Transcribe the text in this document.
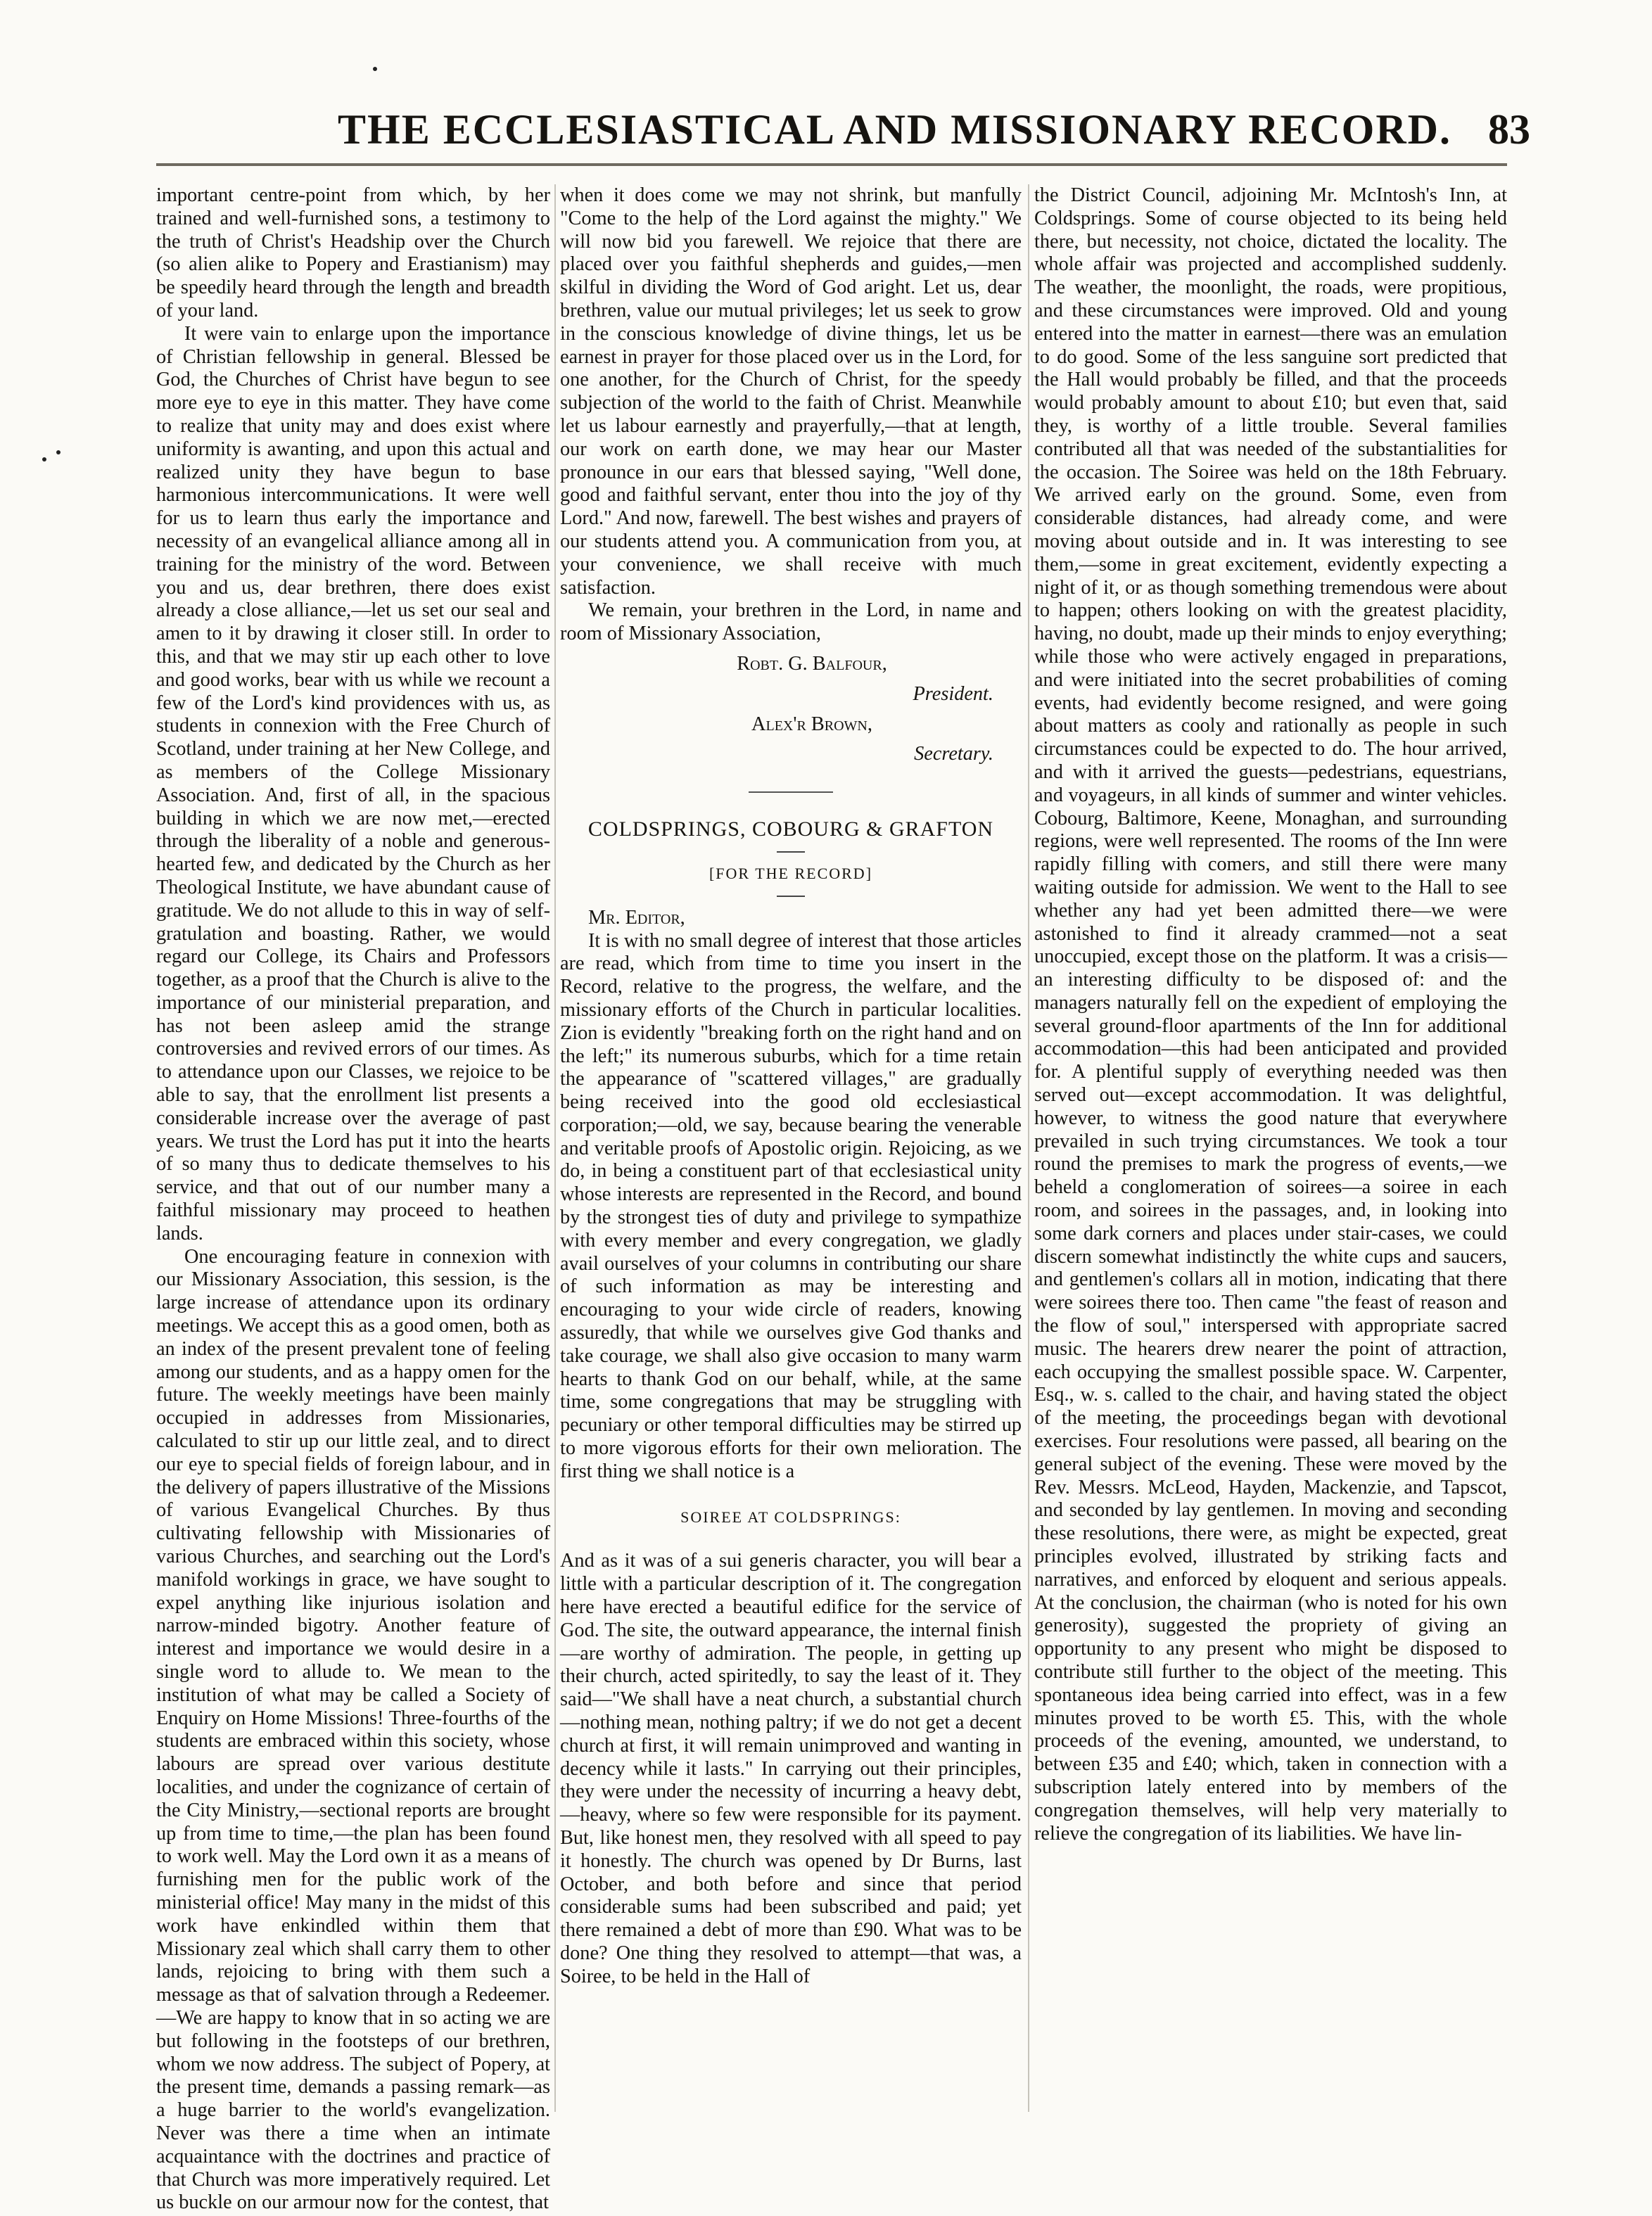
THE ECCLESIASTICAL AND MISSIONARY RECORD. 83

important centre-point from which, by her trained and well-furnished sons, a testimony to the truth of Christ's Headship over the Church (so alien alike to Popery and Erastianism) may be speedily heard through the length and breadth of your land.

It were vain to enlarge upon the importance of Christian fellowship in general. Blessed be God, the Churches of Christ have begun to see more eye to eye in this matter. They have come to realize that unity may and does exist where uniformity is awanting, and upon this actual and realized unity they have begun to base harmonious intercommunications. It were well for us to learn thus early the importance and necessity of an evangelical alliance among all in training for the ministry of the word. Between you and us, dear brethren, there does exist already a close alliance,—let us set our seal and amen to it by drawing it closer still. In order to this, and that we may stir up each other to love and good works, bear with us while we recount a few of the Lord's kind providences with us, as students in connexion with the Free Church of Scotland, under training at her New College, and as members of the College Missionary Association. And, first of all, in the spacious building in which we are now met,—erected through the liberality of a noble and generous-hearted few, and dedicated by the Church as her Theological Institute, we have abundant cause of gratitude. We do not allude to this in way of self-gratulation and boasting. Rather, we would regard our College, its Chairs and Professors together, as a proof that the Church is alive to the importance of our ministerial preparation, and has not been asleep amid the strange controversies and revived errors of our times. As to attendance upon our Classes, we rejoice to be able to say, that the enrollment list presents a considerable increase over the average of past years. We trust the Lord has put it into the hearts of so many thus to dedicate themselves to his service, and that out of our number many a faithful missionary may proceed to heathen lands.

One encouraging feature in connexion with our Missionary Association, this session, is the large increase of attendance upon its ordinary meetings. We accept this as a good omen, both as an index of the present prevalent tone of feeling among our students, and as a happy omen for the future. The weekly meetings have been mainly occupied in addresses from Missionaries, calculated to stir up our little zeal, and to direct our eye to special fields of foreign labour, and in the delivery of papers illustrative of the Missions of various Evangelical Churches. By thus cultivating fellowship with Missionaries of various Churches, and searching out the Lord's manifold workings in grace, we have sought to expel anything like injurious isolation and narrow-minded bigotry. Another feature of interest and importance we would desire in a single word to allude to. We mean to the institution of what may be called a Society of Enquiry on Home Missions! Three-fourths of the students are embraced within this society, whose labours are spread over various destitute localities, and under the cognizance of certain of the City Ministry,—sectional reports are brought up from time to time,—the plan has been found to work well. May the Lord own it as a means of furnishing men for the public work of the ministerial office! May many in the midst of this work have enkindled within them that Missionary zeal which shall carry them to other lands, rejoicing to bring with them such a message as that of salvation through a Redeemer.—We are happy to know that in so acting we are but following in the footsteps of our brethren, whom we now address. The subject of Popery, at the present time, demands a passing remark—as a huge barrier to the world's evangelization. Never was there a time when an intimate acquaintance with the doctrines and practice of that Church was more imperatively required. Let us buckle on our armour now for the contest, that

when it does come we may not shrink, but manfully "Come to the help of the Lord against the mighty." We will now bid you farewell. We rejoice that there are placed over you faithful shepherds and guides,—men skilful in dividing the Word of God aright. Let us, dear brethren, value our mutual privileges; let us seek to grow in the conscious knowledge of divine things, let us be earnest in prayer for those placed over us in the Lord, for one another, for the Church of Christ, for the speedy subjection of the world to the faith of Christ. Meanwhile let us labour earnestly and prayerfully,—that at length, our work on earth done, we may hear our Master pronounce in our ears that blessed saying, "Well done, good and faithful servant, enter thou into the joy of thy Lord." And now, farewell. The best wishes and prayers of our students attend you. A communication from you, at your convenience, we shall receive with much satisfaction.

We remain, your brethren in the Lord, in name and room of Missionary Association,

Robt. G. Balfour,
President.
Alex'r Brown,
Secretary.
COLDSPRINGS, COBOURG & GRAFTON
[FOR THE RECORD]

Mr. Editor,

It is with no small degree of interest that those articles are read, which from time to time you insert in the Record, relative to the progress, the welfare, and the missionary efforts of the Church in particular localities. Zion is evidently "breaking forth on the right hand and on the left;" its numerous suburbs, which for a time retain the appearance of "scattered villages," are gradually being received into the good old ecclesiastical corporation;—old, we say, because bearing the venerable and veritable proofs of Apostolic origin. Rejoicing, as we do, in being a constituent part of that ecclesiastical unity whose interests are represented in the Record, and bound by the strongest ties of duty and privilege to sympathize with every member and every congregation, we gladly avail ourselves of your columns in contributing our share of such information as may be interesting and encouraging to your wide circle of readers, knowing assuredly, that while we ourselves give God thanks and take courage, we shall also give occasion to many warm hearts to thank God on our behalf, while, at the same time, some congregations that may be struggling with pecuniary or other temporal difficulties may be stirred up to more vigorous efforts for their own melioration. The first thing we shall notice is a

SOIREE AT COLDSPRINGS:

And as it was of a sui generis character, you will bear a little with a particular description of it. The congregation here have erected a beautiful edifice for the service of God. The site, the outward appearance, the internal finish—are worthy of admiration. The people, in getting up their church, acted spiritedly, to say the least of it. They said—"We shall have a neat church, a substantial church—nothing mean, nothing paltry; if we do not get a decent church at first, it will remain unimproved and wanting in decency while it lasts." In carrying out their principles, they were under the necessity of incurring a heavy debt,—heavy, where so few were responsible for its payment. But, like honest men, they resolved with all speed to pay it honestly. The church was opened by Dr Burns, last October, and both before and since that period considerable sums had been subscribed and paid; yet there remained a debt of more than £90. What was to be done? One thing they resolved to attempt—that was, a Soiree, to be held in the Hall of

the District Council, adjoining Mr. McIntosh's Inn, at Coldsprings. Some of course objected to its being held there, but necessity, not choice, dictated the locality. The whole affair was projected and accomplished suddenly. The weather, the moonlight, the roads, were propitious, and these circumstances were improved. Old and young entered into the matter in earnest—there was an emulation to do good. Some of the less sanguine sort predicted that the Hall would probably be filled, and that the proceeds would probably amount to about £10; but even that, said they, is worthy of a little trouble. Several families contributed all that was needed of the substantialities for the occasion. The Soiree was held on the 18th February. We arrived early on the ground. Some, even from considerable distances, had already come, and were moving about outside and in. It was interesting to see them,—some in great excitement, evidently expecting a night of it, or as though something tremendous were about to happen; others looking on with the greatest placidity, having, no doubt, made up their minds to enjoy everything; while those who were actively engaged in preparations, and were initiated into the secret probabilities of coming events, had evidently become resigned, and were going about matters as cooly and rationally as people in such circumstances could be expected to do. The hour arrived, and with it arrived the guests—pedestrians, equestrians, and voyageurs, in all kinds of summer and winter vehicles. Cobourg, Baltimore, Keene, Monaghan, and surrounding regions, were well represented. The rooms of the Inn were rapidly filling with comers, and still there were many waiting outside for admission. We went to the Hall to see whether any had yet been admitted there—we were astonished to find it already crammed—not a seat unoccupied, except those on the platform. It was a crisis—an interesting difficulty to be disposed of: and the managers naturally fell on the expedient of employing the several ground-floor apartments of the Inn for additional accommodation—this had been anticipated and provided for. A plentiful supply of everything needed was then served out—except accommodation. It was delightful, however, to witness the good nature that everywhere prevailed in such trying circumstances. We took a tour round the premises to mark the progress of events,—we beheld a conglomeration of soirees—a soiree in each room, and soirees in the passages, and, in looking into some dark corners and places under stair-cases, we could discern somewhat indistinctly the white cups and saucers, and gentlemen's collars all in motion, indicating that there were soirees there too. Then came "the feast of reason and the flow of soul," interspersed with appropriate sacred music. The hearers drew nearer the point of attraction, each occupying the smallest possible space. W. Carpenter, Esq., w. s. called to the chair, and having stated the object of the meeting, the proceedings began with devotional exercises. Four resolutions were passed, all bearing on the general subject of the evening. These were moved by the Rev. Messrs. McLeod, Hayden, Mackenzie, and Tapscot, and seconded by lay gentlemen. In moving and seconding these resolutions, there were, as might be expected, great principles evolved, illustrated by striking facts and narratives, and enforced by eloquent and serious appeals. At the conclusion, the chairman (who is noted for his own generosity), suggested the propriety of giving an opportunity to any present who might be disposed to contribute still further to the object of the meeting. This spontaneous idea being carried into effect, was in a few minutes proved to be worth £5. This, with the whole proceeds of the evening, amounted, we understand, to between £35 and £40; which, taken in connection with a subscription lately entered into by members of the congregation themselves, will help very materially to relieve the congregation of its liabilities. We have lin-
